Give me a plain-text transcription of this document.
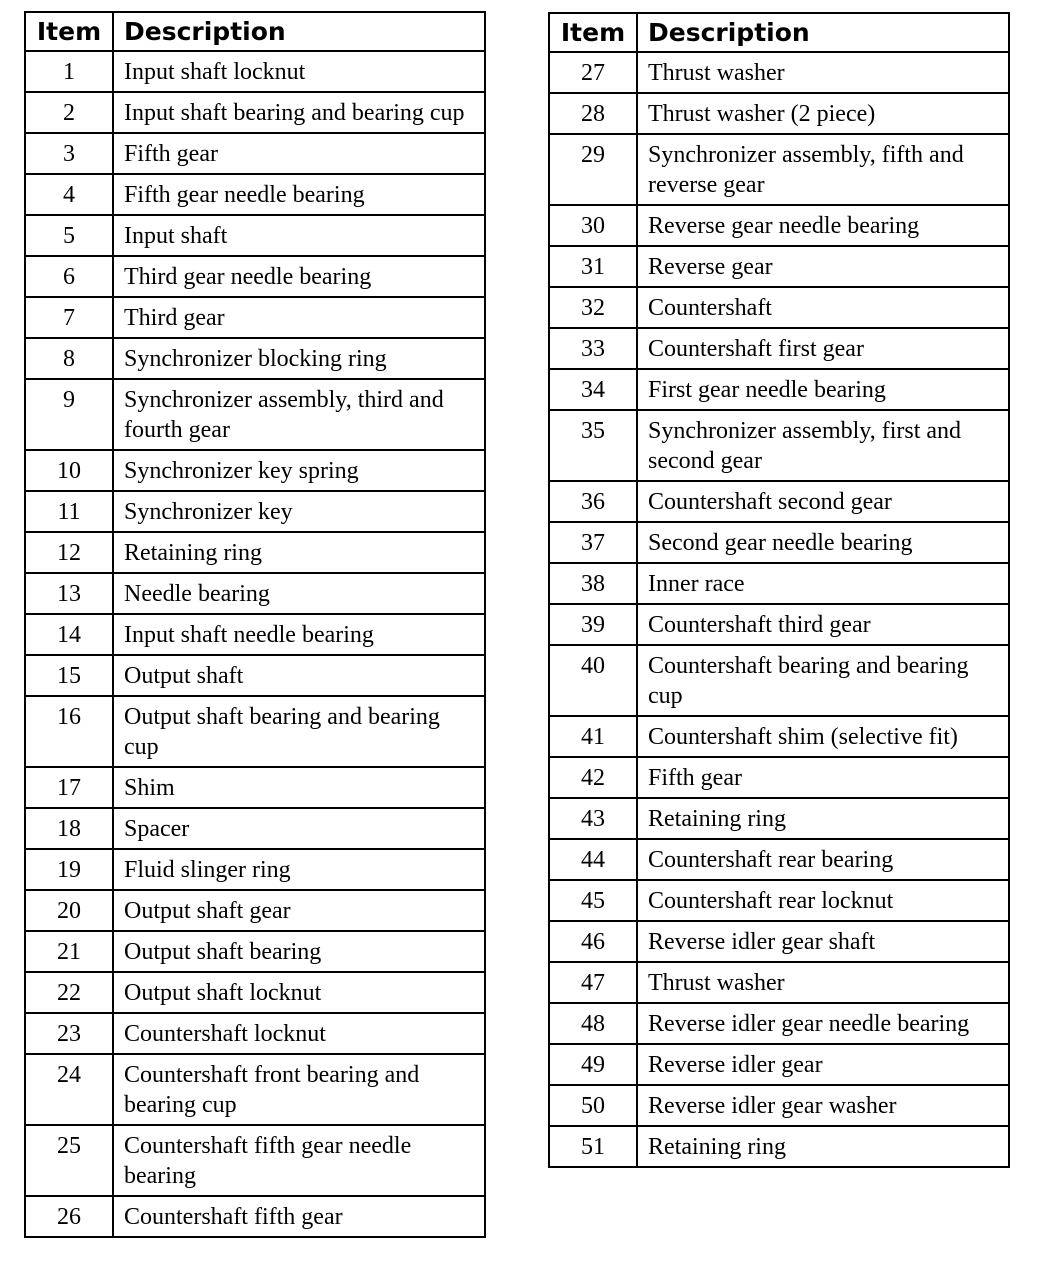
Item	Description
1	Input shaft locknut
2	Input shaft bearing and bearing cup
3	Fifth gear
4	Fifth gear needle bearing
5	Input shaft
6	Third gear needle bearing
7	Third gear
8	Synchronizer blocking ring
9	Synchronizer assembly, third and fourth gear
10	Synchronizer key spring
11	Synchronizer key
12	Retaining ring
13	Needle bearing
14	Input shaft needle bearing
15	Output shaft
16	Output shaft bearing and bearing cup
17	Shim
18	Spacer
19	Fluid slinger ring
20	Output shaft gear
21	Output shaft bearing
22	Output shaft locknut
23	Countershaft locknut
24	Countershaft front bearing and bearing cup
25	Countershaft fifth gear needle bearing
26	Countershaft fifth gear
Item	Description
27	Thrust washer
28	Thrust washer (2 piece)
29	Synchronizer assembly, fifth and reverse gear
30	Reverse gear needle bearing
31	Reverse gear
32	Countershaft
33	Countershaft first gear
34	First gear needle bearing
35	Synchronizer assembly, first and second gear
36	Countershaft second gear
37	Second gear needle bearing
38	Inner race
39	Countershaft third gear
40	Countershaft bearing and bearing cup
41	Countershaft shim (selective fit)
42	Fifth gear
43	Retaining ring
44	Countershaft rear bearing
45	Countershaft rear locknut
46	Reverse idler gear shaft
47	Thrust washer
48	Reverse idler gear needle bearing
49	Reverse idler gear
50	Reverse idler gear washer
51	Retaining ring
